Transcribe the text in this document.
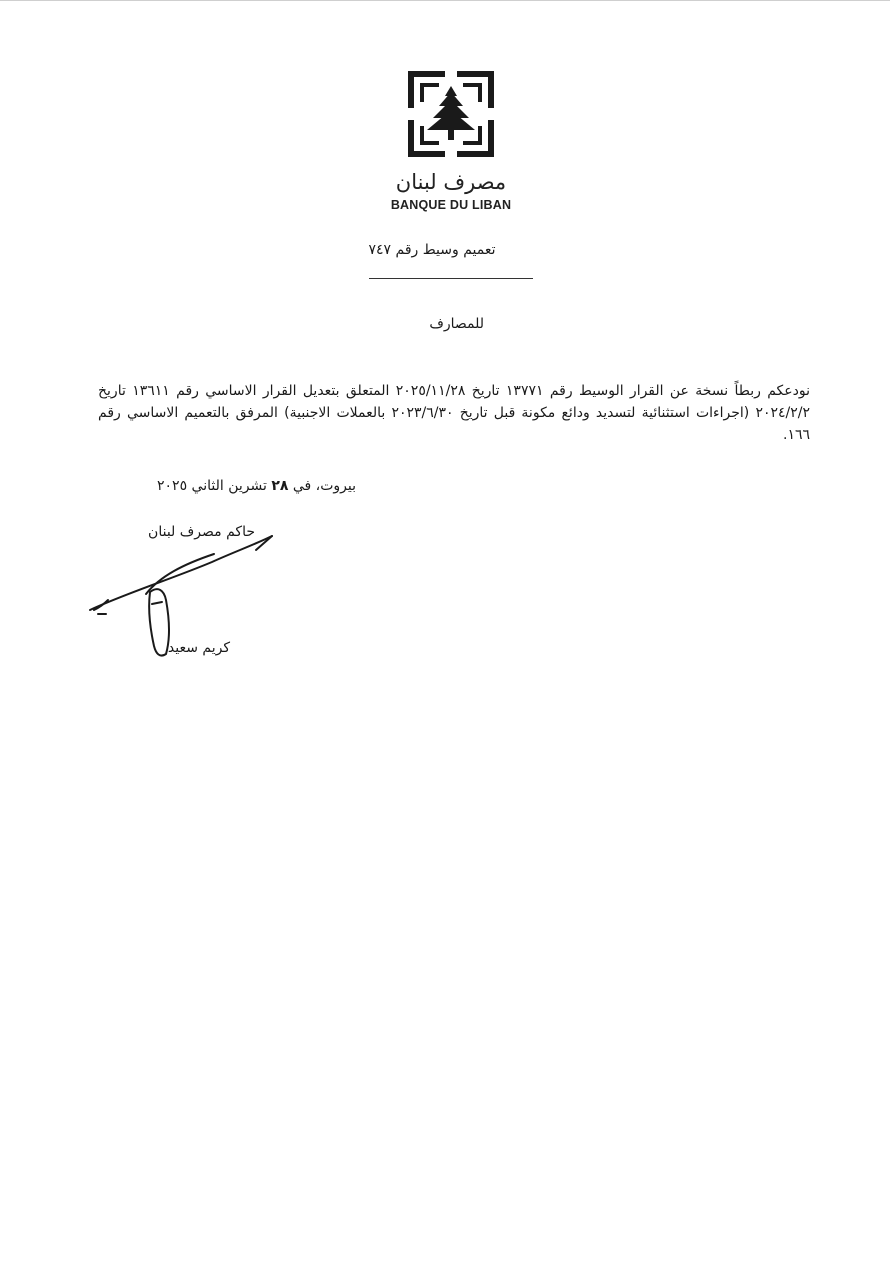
مصرف لبنان
BANQUE DU LIBAN
تعميم وسيط رقم ٧٤٧
للمصارف

نودعكم ربطاً نسخة عن القرار الوسيط رقم ١٣٧٧١ تاريخ ٢٠٢٥/١١/٢٨ المتعلق بتعديل القرار الاساسي رقم ١٣٦١١ تاريخ ٢٠٢٤/٢/٢ (اجراءات استثنائية لتسديد ودائع مكونة قبل تاريخ ٢٠٢٣/٦/٣٠ بالعملات الاجنبية) المرفق بالتعميم الاساسي رقم ١٦٦.

بيروت، في ٢٨ تشرين الثاني ٢٠٢٥
حاكم مصرف لبنان
كريم سعيد
